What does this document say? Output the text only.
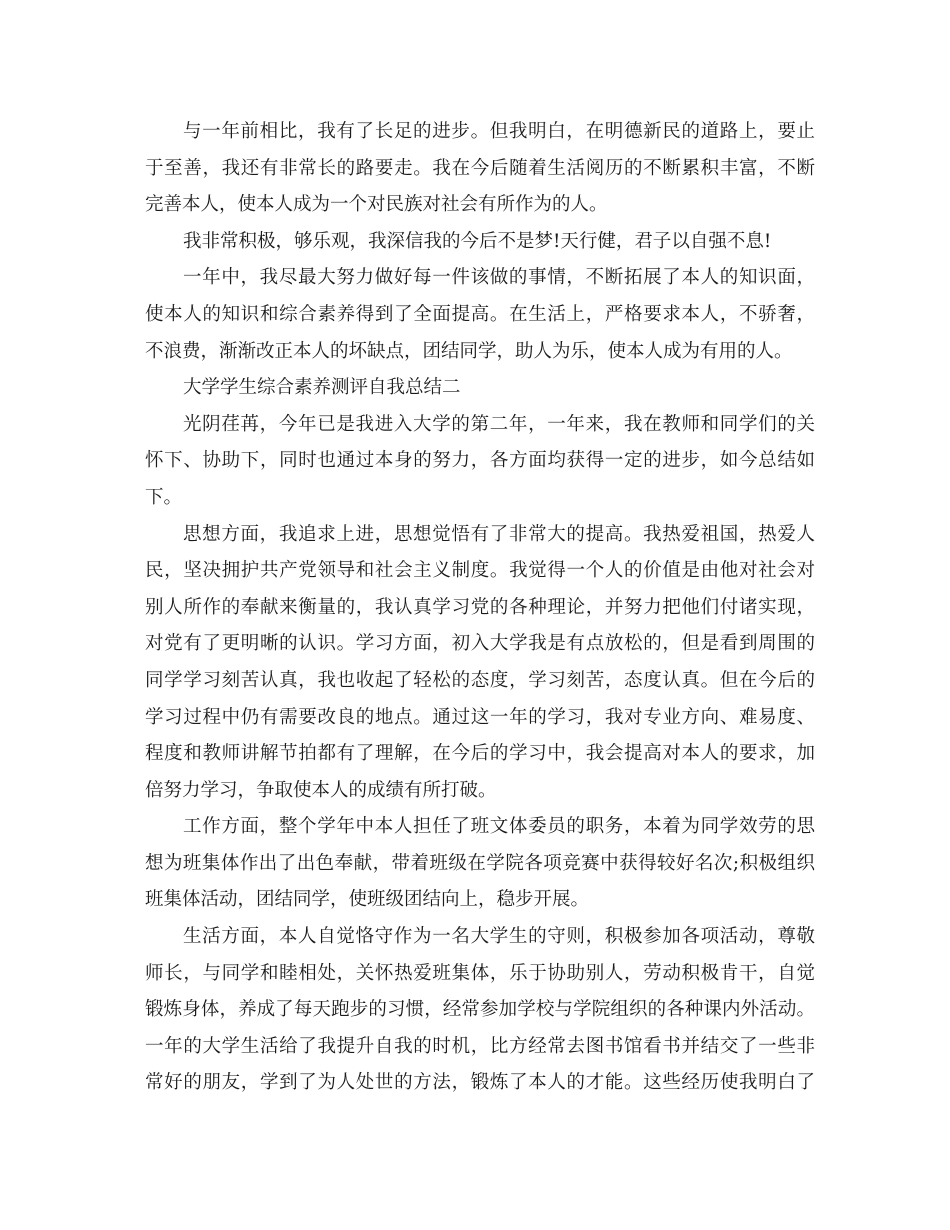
与一年前相比，我有了长足的进步。但我明白，在明德新民的道路上，要止
于至善，我还有非常长的路要走。我在今后随着生活阅历的不断累积丰富，不断
完善本人，使本人成为一个对民族对社会有所作为的人。
我非常积极，够乐观，我深信我的今后不是梦!天行健，君子以自强不息!
一年中，我尽最大努力做好每一件该做的事情，不断拓展了本人的知识面，
使本人的知识和综合素养得到了全面提高。在生活上，严格要求本人，不骄奢，
不浪费，渐渐改正本人的坏缺点，团结同学，助人为乐，使本人成为有用的人。
大学学生综合素养测评自我总结二
光阴荏苒，今年已是我进入大学的第二年，一年来，我在教师和同学们的关
怀下、协助下，同时也通过本身的努力，各方面均获得一定的进步，如今总结如
下。
思想方面，我追求上进，思想觉悟有了非常大的提高。我热爱祖国，热爱人
民，坚决拥护共产党领导和社会主义制度。我觉得一个人的价值是由他对社会对
别人所作的奉献来衡量的，我认真学习党的各种理论，并努力把他们付诸实现，
对党有了更明晰的认识。学习方面，初入大学我是有点放松的，但是看到周围的
同学学习刻苦认真，我也收起了轻松的态度，学习刻苦，态度认真。但在今后的
学习过程中仍有需要改良的地点。通过这一年的学习，我对专业方向、难易度、
程度和教师讲解节拍都有了理解，在今后的学习中，我会提高对本人的要求，加
倍努力学习，争取使本人的成绩有所打破。
工作方面，整个学年中本人担任了班文体委员的职务，本着为同学效劳的思
想为班集体作出了出色奉献，带着班级在学院各项竞赛中获得较好名次;积极组织
班集体活动，团结同学，使班级团结向上，稳步开展。
生活方面，本人自觉恪守作为一名大学生的守则，积极参加各项活动，尊敬
师长，与同学和睦相处，关怀热爱班集体，乐于协助别人，劳动积极肯干，自觉
锻炼身体，养成了每天跑步的习惯，经常参加学校与学院组织的各种课内外活动。
一年的大学生活给了我提升自我的时机，比方经常去图书馆看书并结交了一些非
常好的朋友，学到了为人处世的方法，锻炼了本人的才能。这些经历使我明白了
